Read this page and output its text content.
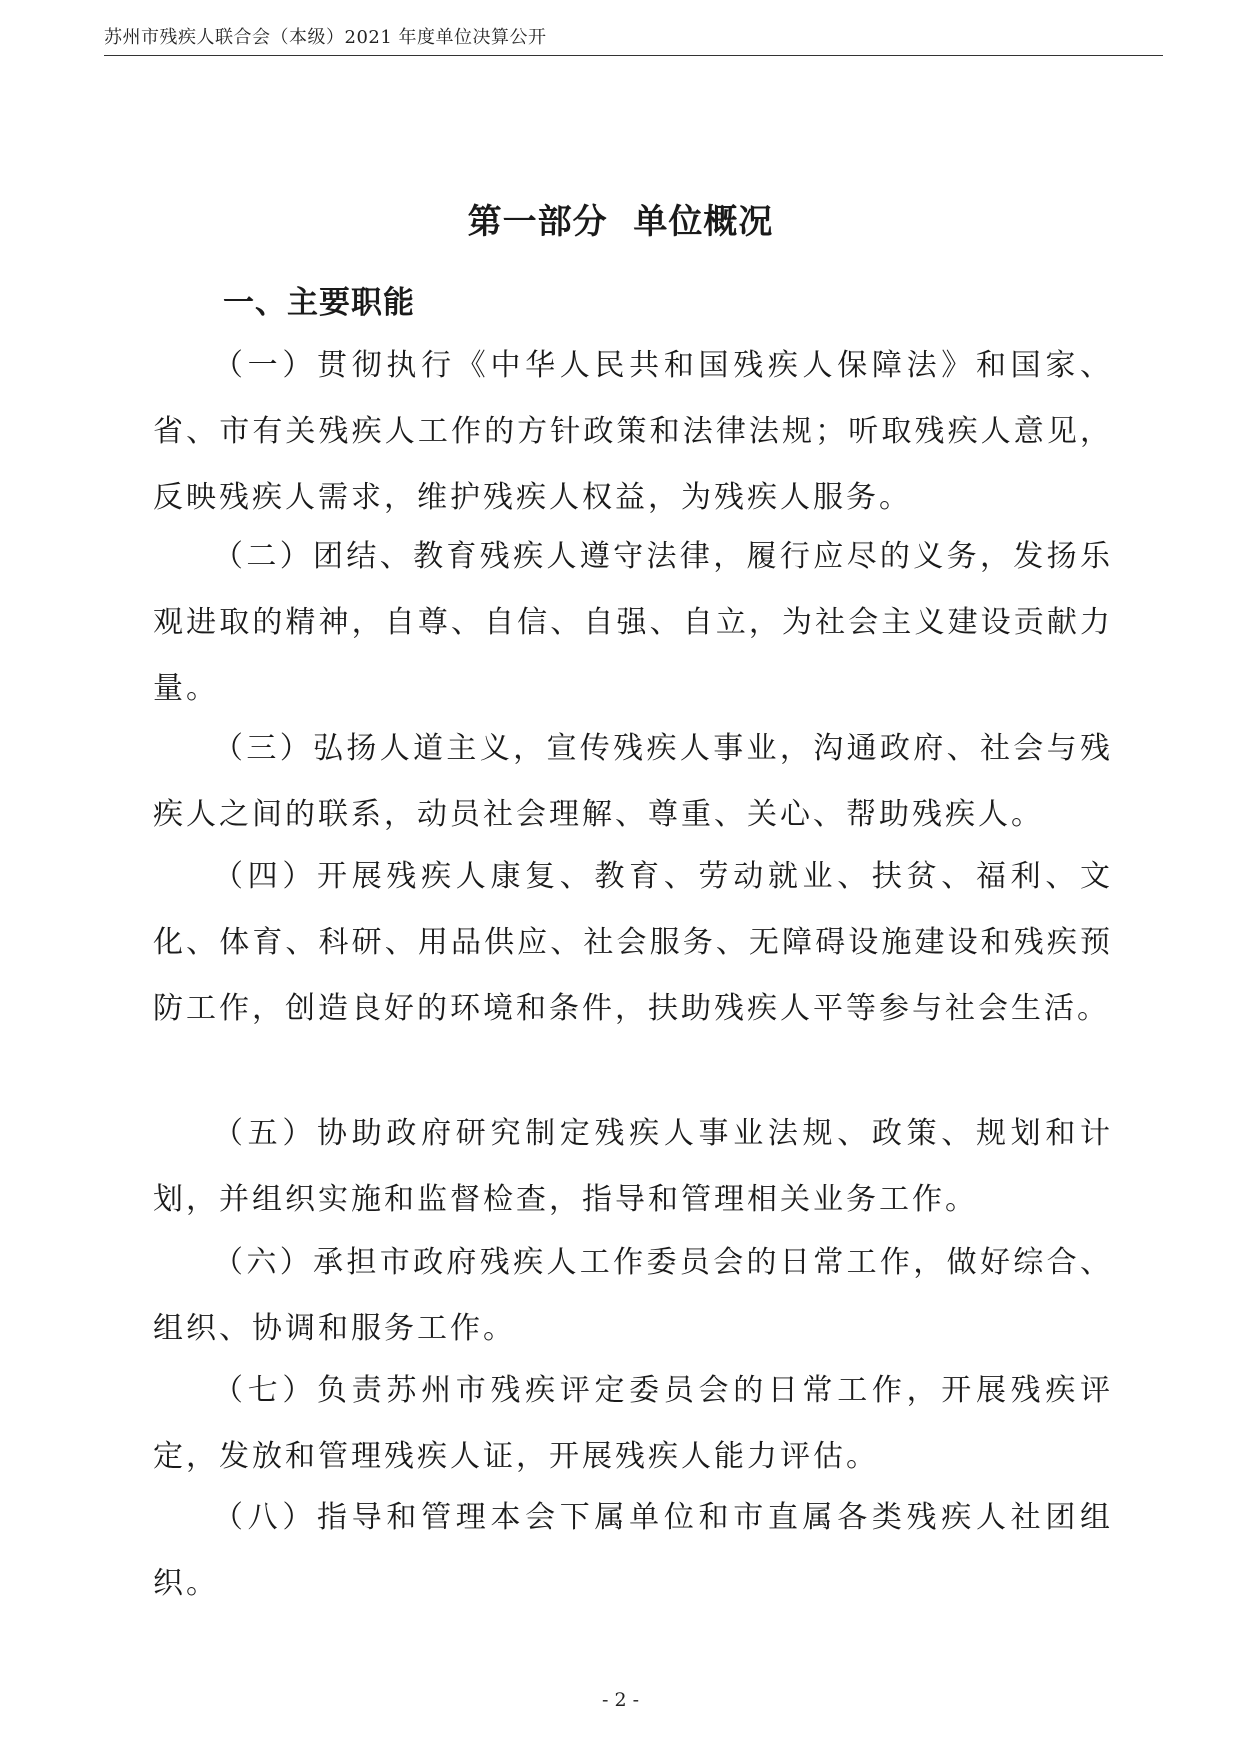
苏州市残疾人联合会（本级）2021 年度单位决算公开
第一部分  单位概况
一、主要职能

（一）贯彻执行《中华人民共和国残疾人保障法》和国家、省、市有关残疾人工作的方针政策和法律法规；听取残疾人意见，反映残疾人需求，维护残疾人权益，为残疾人服务。

（二）团结、教育残疾人遵守法律，履行应尽的义务，发扬乐观进取的精神，自尊、自信、自强、自立，为社会主义建设贡献力量。

（三）弘扬人道主义，宣传残疾人事业，沟通政府、社会与残疾人之间的联系，动员社会理解、尊重、关心、帮助残疾人。

（四）开展残疾人康复、教育、劳动就业、扶贫、福利、文化、体育、科研、用品供应、社会服务、无障碍设施建设和残疾预防工作，创造良好的环境和条件，扶助残疾人平等参与社会生活。

（五）协助政府研究制定残疾人事业法规、政策、规划和计划，并组织实施和监督检查，指导和管理相关业务工作。

（六）承担市政府残疾人工作委员会的日常工作，做好综合、组织、协调和服务工作。

（七）负责苏州市残疾评定委员会的日常工作，开展残疾评定，发放和管理残疾人证，开展残疾人能力评估。

（八）指导和管理本会下属单位和市直属各类残疾人社团组织。

- 2 -
